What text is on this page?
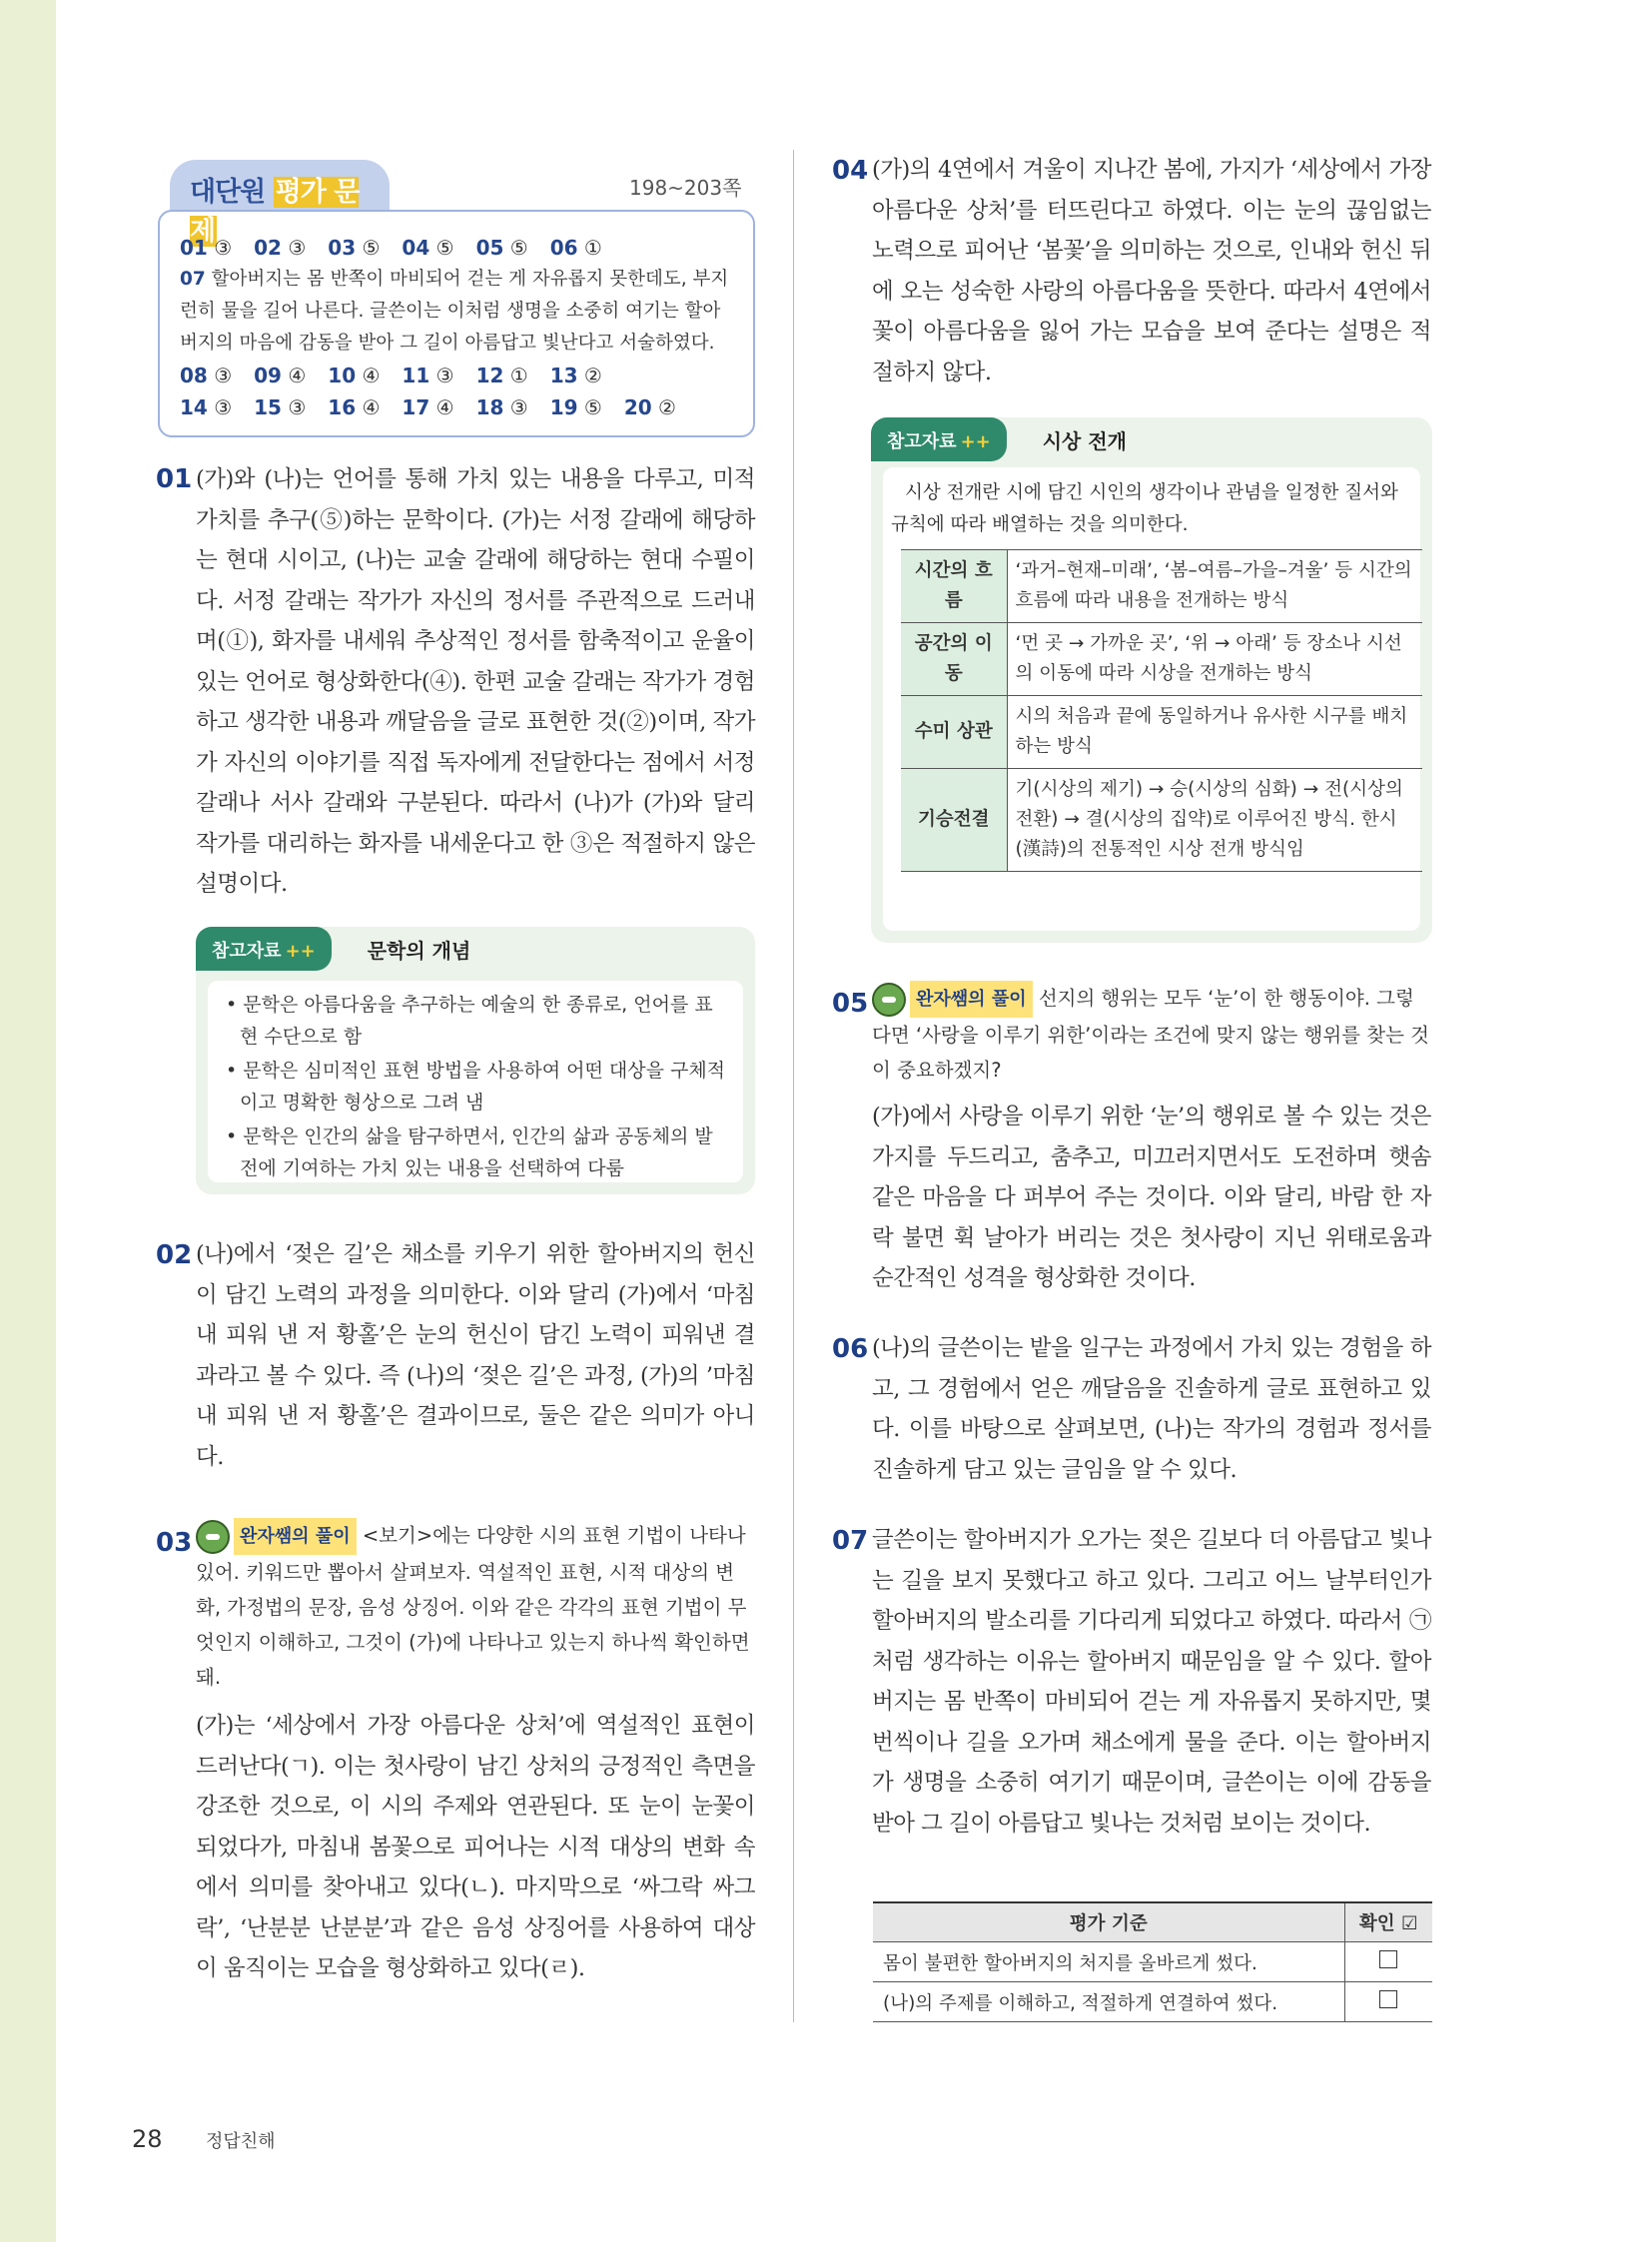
대단원 평가 문제
198~203쪽
01 ③ 02 ③ 03 ⑤ 04 ⑤ 05 ⑤ 06 ①
07 할아버지는 몸 반쪽이 마비되어 걷는 게 자유롭지 못한데도, 부지런히 물을 길어 나른다. 글쓴이는 이처럼 생명을 소중히 여기는 할아버지의 마음에 감동을 받아 그 길이 아름답고 빛난다고 서술하였다.
08 ③ 09 ④ 10 ④ 11 ③ 12 ① 13 ②
14 ③ 15 ③ 16 ④ 17 ④ 18 ③ 19 ⑤ 20 ②
01 (가)와 (나)는 언어를 통해 가치 있는 내용을 다루고, 미적 가치를 추구(⑤)하는 문학이다. (가)는 서정 갈래에 해당하는 현대 시이고, (나)는 교술 갈래에 해당하는 현대 수필이다. 서정 갈래는 작가가 자신의 정서를 주관적으로 드러내며(①), 화자를 내세워 추상적인 정서를 함축적이고 운율이 있는 언어로 형상화한다(④). 한편 교술 갈래는 작가가 경험하고 생각한 내용과 깨달음을 글로 표현한 것(②)이며, 작가가 자신의 이야기를 직접 독자에게 전달한다는 점에서 서정 갈래나 서사 갈래와 구분된다. 따라서 (나)가 (가)와 달리 작가를 대리하는 화자를 내세운다고 한 ③은 적절하지 않은 설명이다.

참고자료 ++	문학의 개념
• 문학은 아름다움을 추구하는 예술의 한 종류로, 언어를 표현 수단으로 함
• 문학은 심미적인 표현 방법을 사용하여 어떤 대상을 구체적이고 명확한 형상으로 그려 냄
• 문학은 인간의 삶을 탐구하면서, 인간의 삶과 공동체의 발전에 기여하는 가치 있는 내용을 선택하여 다룸
02 (나)에서 ‘젖은 길’은 채소를 키우기 위한 할아버지의 헌신이 담긴 노력의 과정을 의미한다. 이와 달리 (가)에서 ‘마침내 피워 낸 저 황홀’은 눈의 헌신이 담긴 노력이 피워낸 결과라고 볼 수 있다. 즉 (나)의 ‘젖은 길’은 과정, (가)의 ’마침내 피워 낸 저 황홀’은 결과이므로, 둘은 같은 의미가 아니다.

03	완자쌤의 풀이 <보기>에는 다양한 시의 표현 기법이 나타나 있어. 키워드만 뽑아서 살펴보자. 역설적인 표현, 시적 대상의 변화, 가정법의 문장, 음성 상징어. 이와 같은 각각의 표현 기법이 무엇인지 이해하고, 그것이 (가)에 나타나고 있는지 하나씩 확인하면 돼.

(가)는 ‘세상에서 가장 아름다운 상처’에 역설적인 표현이 드러난다(ㄱ). 이는 첫사랑이 남긴 상처의 긍정적인 측면을 강조한 것으로, 이 시의 주제와 연관된다. 또 눈이 눈꽃이 되었다가, 마침내 봄꽃으로 피어나는 시적 대상의 변화 속에서 의미를 찾아내고 있다(ㄴ). 마지막으로 ‘싸그락 싸그락’, ‘난분분 난분분’과 같은 음성 상징어를 사용하여 대상이 움직이는 모습을 형상화하고 있다(ㄹ).

04 (가)의 4연에서 겨울이 지나간 봄에, 가지가 ‘세상에서 가장 아름다운 상처’를 터뜨린다고 하였다. 이는 눈의 끊임없는 노력으로 피어난 ‘봄꽃’을 의미하는 것으로, 인내와 헌신 뒤에 오는 성숙한 사랑의 아름다움을 뜻한다. 따라서 4연에서 꽃이 아름다움을 잃어 가는 모습을 보여 준다는 설명은 적절하지 않다.

참고자료 ++	시상 전개

시상 전개란 시에 담긴 시인의 생각이나 관념을 일정한 질서와 규칙에 따라 배열하는 것을 의미한다.

시간의 흐름	‘과거–현재–미래’, ‘봄–여름–가을–겨울’ 등 시간의 흐름에 따라 내용을 전개하는 방식
공간의 이동	‘먼 곳 → 가까운 곳’, ‘위 → 아래’ 등 장소나 시선의 이동에 따라 시상을 전개하는 방식
수미 상관	시의 처음과 끝에 동일하거나 유사한 시구를 배치하는 방식
기승전결	기(시상의 제기) → 승(시상의 심화) → 전(시상의 전환) → 결(시상의 집약)로 이루어진 방식. 한시(漢詩)의 전통적인 시상 전개 방식임
05	완자쌤의 풀이 선지의 행위는 모두 ‘눈’이 한 행동이야. 그렇다면 ‘사랑을 이루기 위한’이라는 조건에 맞지 않는 행위를 찾는 것이 중요하겠지?

(가)에서 사랑을 이루기 위한 ‘눈’의 행위로 볼 수 있는 것은 가지를 두드리고, 춤추고, 미끄러지면서도 도전하며 햇솜 같은 마음을 다 퍼부어 주는 것이다. 이와 달리, 바람 한 자락 불면 휙 날아가 버리는 것은 첫사랑이 지닌 위태로움과 순간적인 성격을 형상화한 것이다.

06 (나)의 글쓴이는 밭을 일구는 과정에서 가치 있는 경험을 하고, 그 경험에서 얻은 깨달음을 진솔하게 글로 표현하고 있다. 이를 바탕으로 살펴보면, (나)는 작가의 경험과 정서를 진솔하게 담고 있는 글임을 알 수 있다.

07 글쓴이는 할아버지가 오가는 젖은 길보다 더 아름답고 빛나는 길을 보지 못했다고 하고 있다. 그리고 어느 날부터인가 할아버지의 발소리를 기다리게 되었다고 하였다. 따라서 ㉠처럼 생각하는 이유는 할아버지 때문임을 알 수 있다. 할아버지는 몸 반쪽이 마비되어 걷는 게 자유롭지 못하지만, 몇 번씩이나 길을 오가며 채소에게 물을 준다. 이는 할아버지가 생명을 소중히 여기기 때문이며, 글쓴이는 이에 감동을 받아 그 길이 아름답고 빛나는 것처럼 보이는 것이다.

평가 기준	확인 ☑
몸이 불편한 할아버지의 처지를 올바르게 썼다.	
(나)의 주제를 이해하고, 적절하게 연결하여 썼다.	
28 정답친해
